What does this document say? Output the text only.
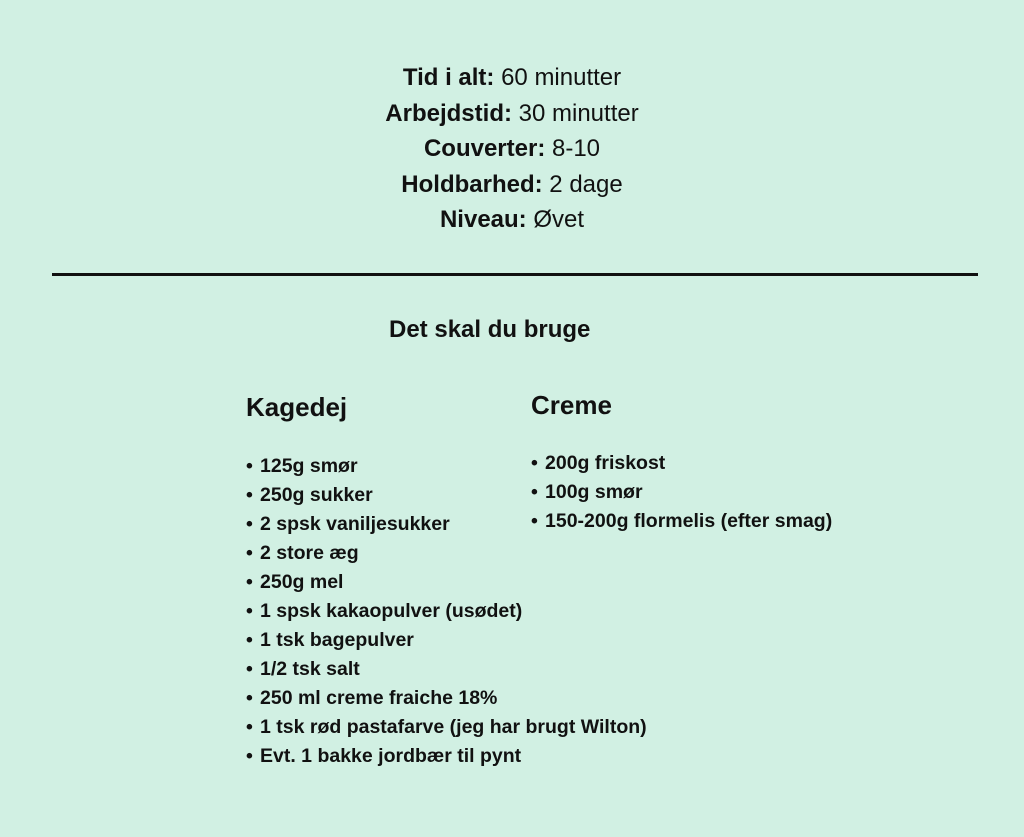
Tid i alt: 60 minutter
Arbejdstid: 30 minutter
Couverter: 8-10
Holdbarhed: 2 dage
Niveau: Øvet
Det skal du bruge
Kagedej
• 125g smør
• 250g sukker
• 2 spsk vaniljesukker
• 2 store æg
• 250g mel
• 1 spsk kakaopulver (usødet)
• 1 tsk bagepulver
• 1/2 tsk salt
• 250 ml creme fraiche 18%
• 1 tsk rød pastafarve (jeg har brugt Wilton)
• Evt. 1 bakke jordbær til pynt
Creme
• 200g friskost
• 100g smør
• 150-200g flormelis (efter smag)
